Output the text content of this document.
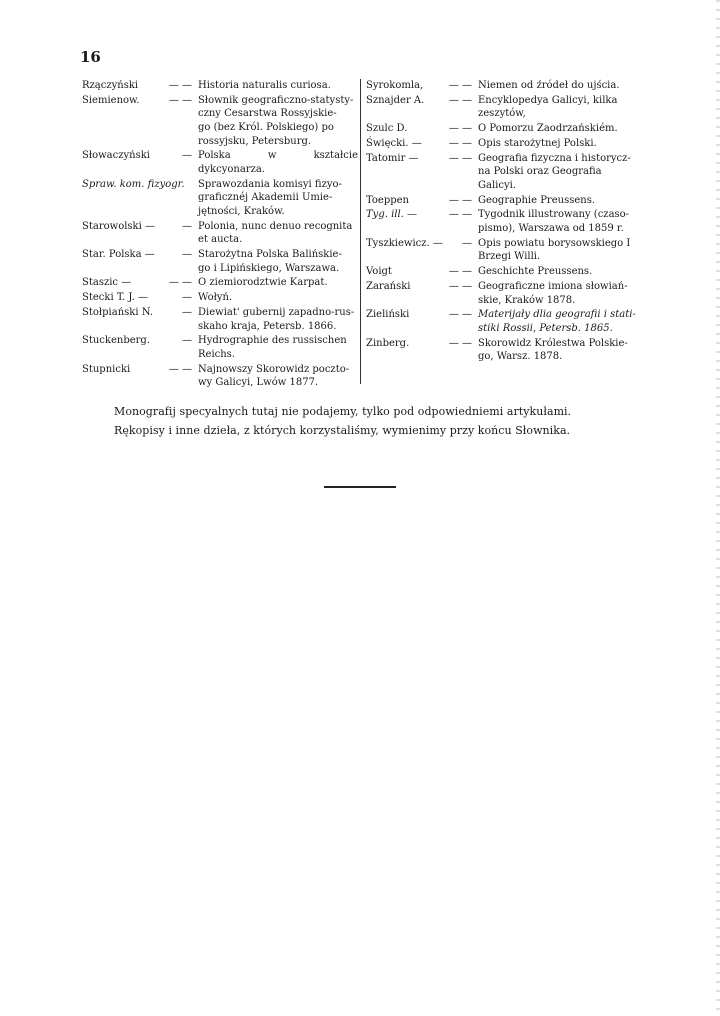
16
Rzączyński	— — Historia naturalis curiosa.
Siemienow.	— — Słownik geograficzno-statysty-
czny Cesarstwa Rossyjskie-
go (bez Król. Polskiego) po
rossyjsku, Petersburg.
Słowaczyński	— Polska w kształcie dykcyonarza.
Spraw. kom. fizyogr. Sprawozdania komisyi fizyo-
graficznéj Akademii Umie-
jętności, Kraków.
Starowolski —	— Polonia, nunc denuo recognita
et aucta.
Star. Polska —	— Starożytna Polska Balińskie-
go i Lipińskiego, Warszawa.
Staszic —	— — O ziemiorodztwie Karpat.
Stecki T. J. —	— Wołyń.
Stołpiański N.	— Diewiat' gubernij zapadno-rus-
skaho kraja, Petersb. 1866.
Stuckenberg.	— Hydrographie des russischen
Reichs.
Stupnicki	— — Najnowszy Skorowidz poczto-
wy Galicyi, Lwów 1877.
Syrokomla,	— — Niemen od źródeł do ujścia.
Sznajder A.	— — Encyklopedya Galicyi, kilka
zeszytów,
Szulc D.	— — O Pomorzu Zaodrzańskiém.
Święcki. —	— — Opis starożytnej Polski.
Tatomir —	— — Geografia fizyczna i historycz-
na Polski oraz Geografia
Galicyi.
Toeppen	— — Geographie Preussens.
Tyg. ill. —	— — Tygodnik illustrowany (czaso-
pismo), Warszawa od 1859 r.
Tyszkiewicz. —	— Opis powiatu borysowskiego I
Brzegi Willi.
Voigt	— — Geschichte Preussens.
Zarański	— — Geograficzne imiona słowiań-
skie, Kraków 1878.
Zieliński	— — Materijały dlia geografii i stati-
stiki Rossii, Petersb. 1865.
Zinberg.	— — Skorowidz Królestwa Polskie-
go, Warsz. 1878.
Monografij specyalnych tutaj nie podajemy, tylko pod odpowiedniemi artykułami.
Rękopisy i inne dzieła, z których korzystaliśmy, wymienimy przy końcu Słownika.
